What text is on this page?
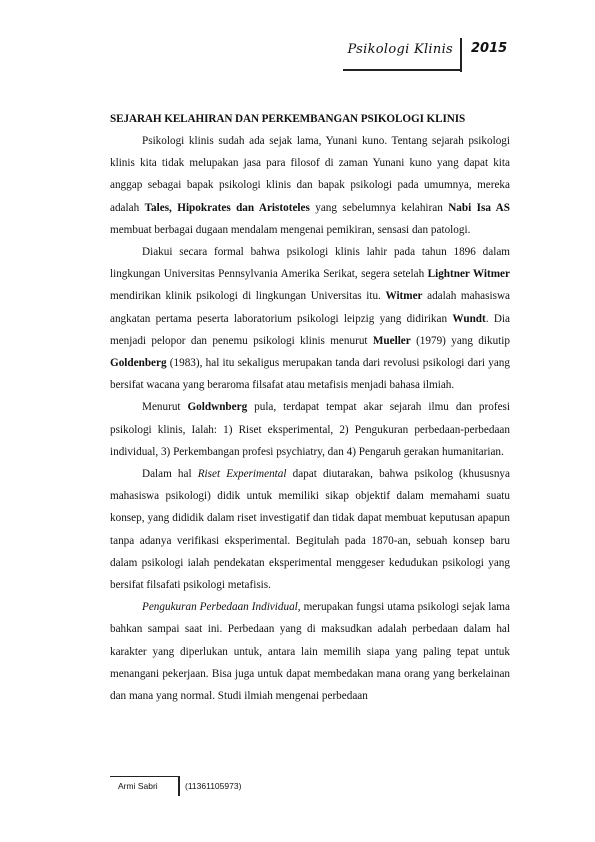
Psikologi Klinis 2015
SEJARAH KELAHIRAN DAN PERKEMBANGAN PSIKOLOGI KLINIS

Psikologi klinis sudah ada sejak lama, Yunani kuno. Tentang sejarah psikologi klinis kita tidak melupakan jasa para filosof di zaman Yunani kuno yang dapat kita anggap sebagai bapak psikologi klinis dan bapak psikologi pada umumnya, mereka adalah Tales, Hipokrates dan Aristoteles yang sebelumnya kelahiran Nabi Isa AS membuat berbagai dugaan mendalam mengenai pemikiran, sensasi dan patologi.

Diakui secara formal bahwa psikologi klinis lahir pada tahun 1896 dalam lingkungan Universitas Pennsylvania Amerika Serikat, segera setelah Lightner Witmer mendirikan klinik psikologi di lingkungan Universitas itu. Witmer adalah mahasiswa angkatan pertama peserta laboratorium psikologi leipzig yang didirikan Wundt. Dia menjadi pelopor dan penemu psikologi klinis menurut Mueller (1979) yang dikutip Goldenberg (1983), hal itu sekaligus merupakan tanda dari revolusi psikologi dari yang bersifat wacana yang beraroma filsafat atau metafisis menjadi bahasa ilmiah.

Menurut Goldwnberg pula, terdapat tempat akar sejarah ilmu dan profesi psikologi klinis, Ialah: 1) Riset eksperimental, 2) Pengukuran perbedaan-perbedaan individual, 3) Perkembangan profesi psychiatry, dan 4) Pengaruh gerakan humanitarian.

Dalam hal Riset Experimental dapat diutarakan, bahwa psikolog (khususnya mahasiswa psikologi) didik untuk memiliki sikap objektif dalam memahami suatu konsep, yang dididik dalam riset investigatif dan tidak dapat membuat keputusan apapun tanpa adanya verifikasi eksperimental. Begitulah pada 1870-an, sebuah konsep baru dalam psikologi ialah pendekatan eksperimental menggeser kedudukan psikologi yang bersifat filsafati psikologi metafisis.

Pengukuran Perbedaan Individual, merupakan fungsi utama psikologi sejak lama bahkan sampai saat ini. Perbedaan yang di maksudkan adalah perbedaan dalam hal karakter yang diperlukan untuk, antara lain memilih siapa yang paling tepat untuk menangani pekerjaan. Bisa juga untuk dapat membedakan mana orang yang berkelainan dan mana yang normal. Studi ilmiah mengenai perbedaan

Armi Sabri	(11361105973)
